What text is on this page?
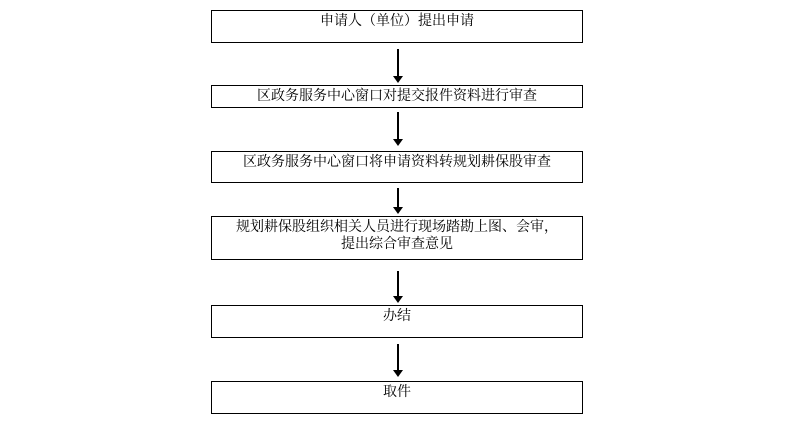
申请人（单位）提出申请
区政务服务中心窗口对提交报件资料进行审查
区政务服务中心窗口将申请资料转规划耕保股审查
规划耕保股组织相关人员进行现场踏勘上图、会审，
提出综合审查意见
办结
取件
